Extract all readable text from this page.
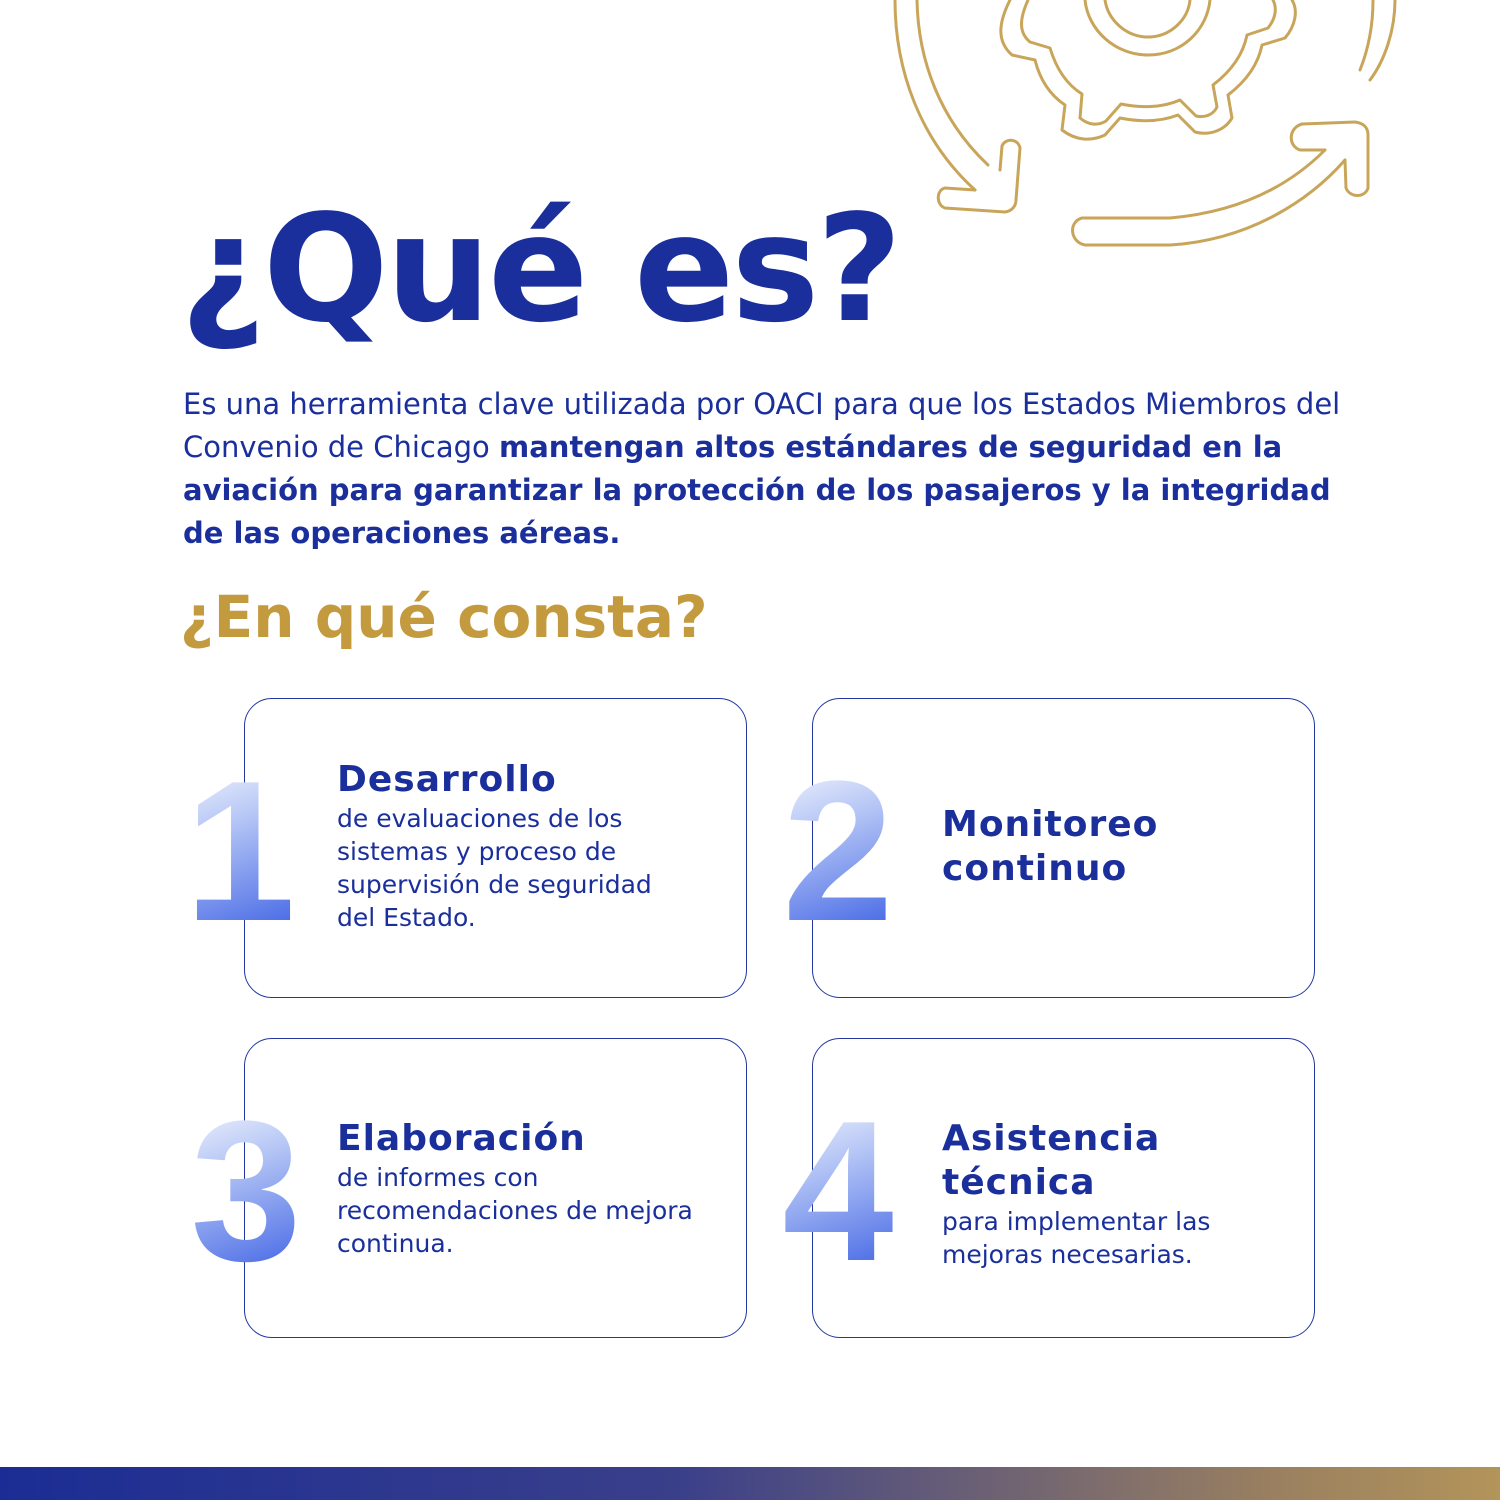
¿Qué es?

Es una herramienta clave utilizada por OACI para que los Estados Miembros del Convenio de Chicago mantengan altos estándares de seguridad en la aviación para garantizar la protección de los pasajeros y la integridad de las operaciones aéreas.

¿En qué consta?
1 Desarrollo
de evaluaciones de los sistemas y proceso de supervisión de seguridad del Estado.	2 Monitoreo continuo
3 Elaboración
de informes con recomendaciones de mejora continua.	4 Asistencia técnica
para implementar las mejoras necesarias.
